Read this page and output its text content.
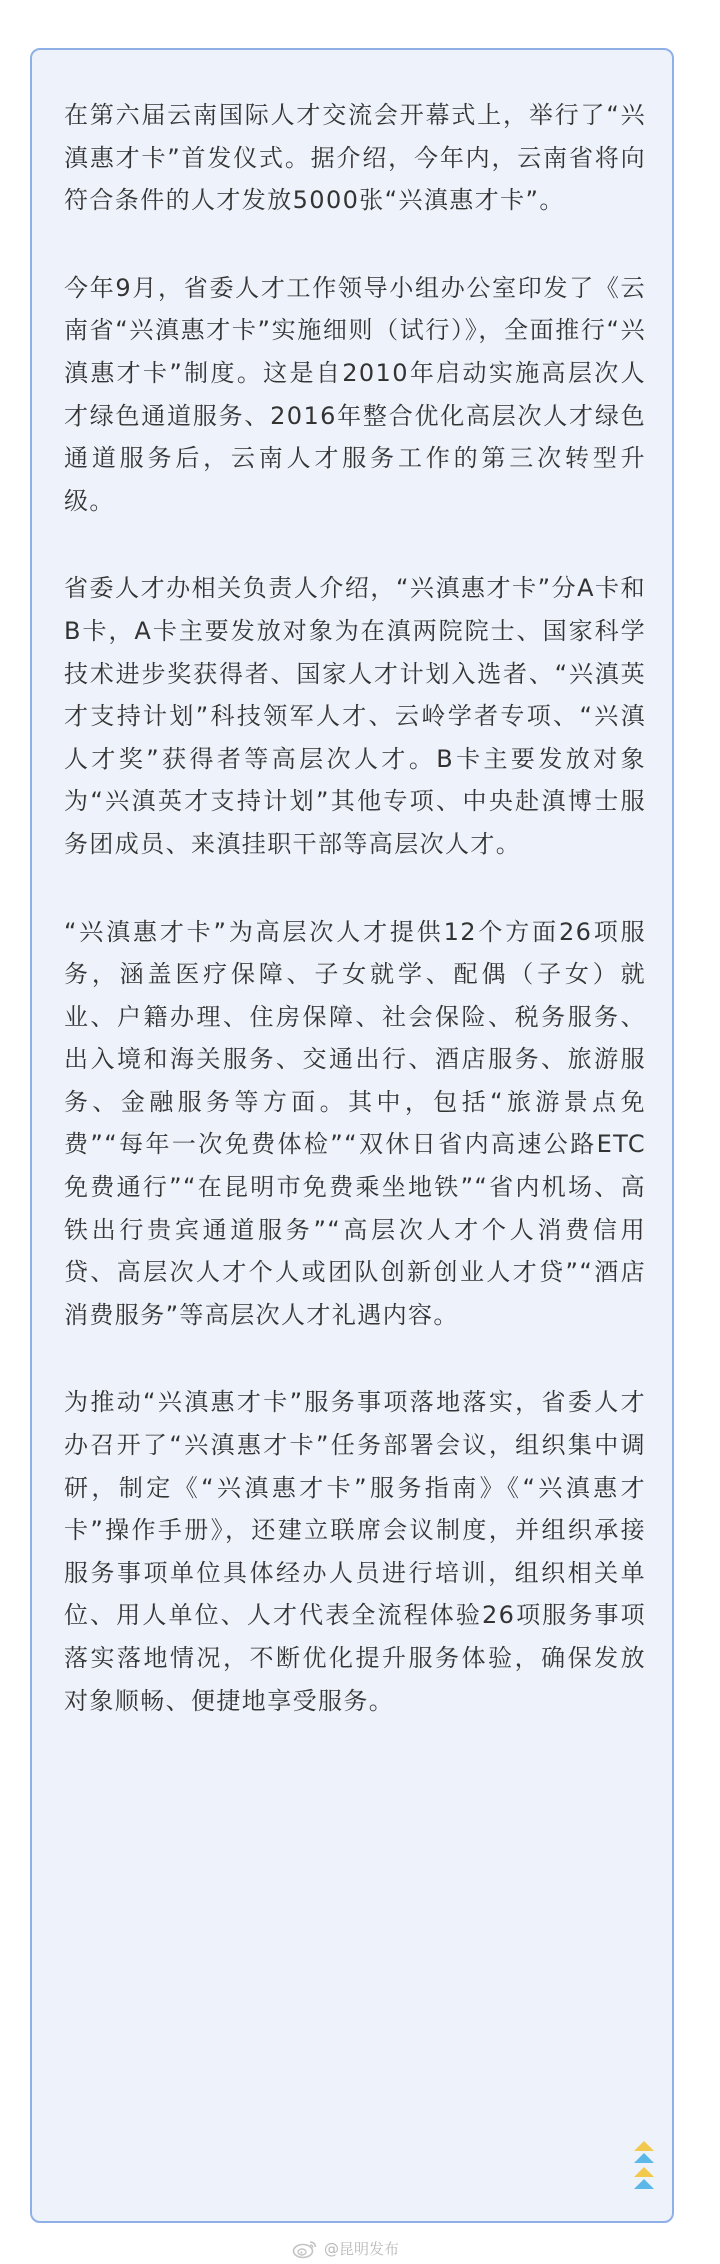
在第六届云南国际人才交流会开幕式上，举行了“兴滇惠才卡”首发仪式。据介绍，今年内，云南省将向符合条件的人才发放5000张“兴滇惠才卡”。

今年9月，省委人才工作领导小组办公室印发了《云南省“兴滇惠才卡”实施细则（试行）》，全面推行“兴滇惠才卡”制度。这是自2010年启动实施高层次人才绿色通道服务、2016年整合优化高层次人才绿色通道服务后，云南人才服务工作的第三次转型升级。

省委人才办相关负责人介绍，“兴滇惠才卡”分A卡和B卡，A卡主要发放对象为在滇两院院士、国家科学技术进步奖获得者、国家人才计划入选者、“兴滇英才支持计划”科技领军人才、云岭学者专项、“兴滇人才奖”获得者等高层次人才。B卡主要发放对象为“兴滇英才支持计划”其他专项、中央赴滇博士服务团成员、来滇挂职干部等高层次人才。

“兴滇惠才卡”为高层次人才提供12个方面26项服务，涵盖医疗保障、子女就学、配偶（子女）就业、户籍办理、住房保障、社会保险、税务服务、出入境和海关服务、交通出行、酒店服务、旅游服务、金融服务等方面。其中，包括“旅游景点免费”“每年一次免费体检”“双休日省内高速公路ETC免费通行”“在昆明市免费乘坐地铁”“省内机场、高铁出行贵宾通道服务”“高层次人才个人消费信用贷、高层次人才个人或团队创新创业人才贷”“酒店消费服务”等高层次人才礼遇内容。

为推动“兴滇惠才卡”服务事项落地落实，省委人才办召开了“兴滇惠才卡”任务部署会议，组织集中调研，制定《“兴滇惠才卡”服务指南》《“兴滇惠才卡”操作手册》，还建立联席会议制度，并组织承接服务事项单位具体经办人员进行培训，组织相关单位、用人单位、人才代表全流程体验26项服务事项落实落地情况，不断优化提升服务体验，确保发放对象顺畅、便捷地享受服务。

@昆明发布
